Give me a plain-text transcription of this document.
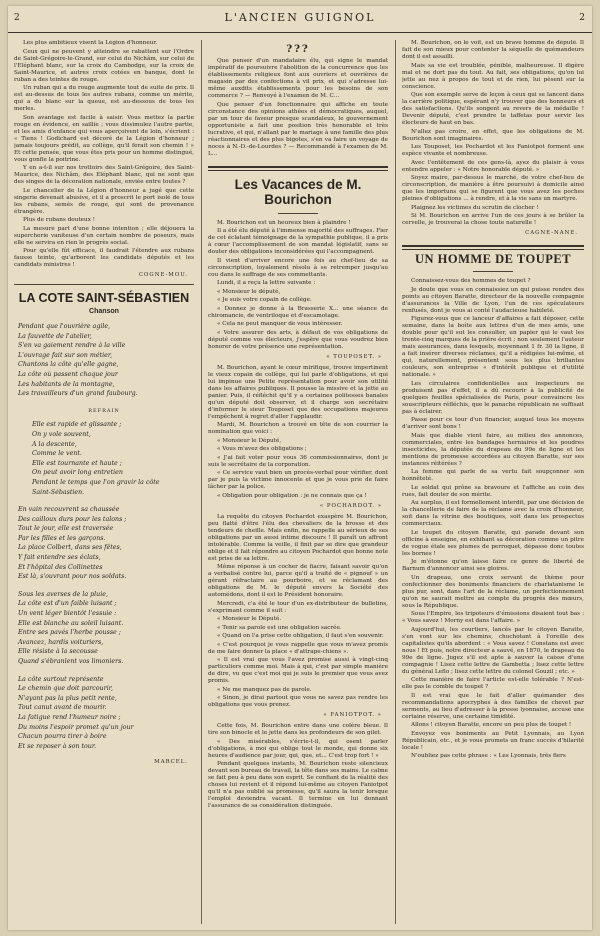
2	L'ANCIEN GUIGNOL	2

Les plus ambitieux visent la Légion d'honneur.

Ceux qui ne peuvent y atteindre se rabattent sur l'Ordre de Saint-Grégoire-le-Grand, sur celui du Nichâm, sur celui de l'Eléphant blanc, sur la croix du Cambodge, sur la croix de Saint-Maurice, et autres croix cotées en banque, dont le ruban a des teintes de rouge.

Un ruban qui a du rouge augmente tout de suite de prix. Il est au-dessus de tous les autres rubans, comme un mérite, qui a du blanc sur la queue, est au-dessous de tous les merles.

Son avantage est facile à saisir. Vous mettez la partie rouge en évidence, en saillie ; vous dissimulez l'autre partie, et les amis d'enfance qui vous aperçoivent de loin, s'écrient : « Tiens ! Godichard est décoré de la Légion d'honneur ; jamais toujours prédit, au collège, qu'il ferait son chemin ! » Et cette pensée, que vous êtes pris pour un homme distingué, vous gonfle la poitrine.

Y en a-t-il sur nos trottoirs des Saint-Grégoire, des Saint-Maurice, des Nichâm, des Eléphant blanc, qui ne sont que des singes de la décoration nationale, enviée entre toutes ?

Le chancelier de la Légion d'honneur a jugé que cette singerie devenait abusive, et il a proscrit le port isolé de tous les rubans, semés de rouge, qui sont de provenance étrangère.

Plus de rubans douteux !

La mesure part d'une bonne intention ; elle déjouera la supercherie vaniteuse d'un certain nombre de poseurs, mais elle ne servira en rien le progrès social.

Pour qu'elle fût efficace, il faudrait l'étendre aux rubans fausse teinte, qu'arborent les candidats députés et les candidats ministres !

COGNE-MOU.
LA COTE SAINT-SÉBASTIEN
Chanson
Pendant que l'ouvrière agile,
La fauvette de l'atelier,
S'en va gaiement rendre à la ville
L'ouvrage fait sur son métier,
Chantons la côte qu'elle gagne,
La côte où passent chaque jour
Les habitants de la montagne,
Les travailleurs d'un grand faubourg.
REFRAIN
Elle est rapide et glissante ;
On y vole souvent,
A la descente,
Comme le vent.
Elle est tournante et haute ;
On peut avoir long entretien
Pendant le temps que l'on gravir la côte
Saint-Sébastien.
En vain recouvrent sa chaussée
Des cailloux durs pour les talons ;
Tout le jour, elle est traversée
Par les filles et les garçons.
La place Colbert, dans ses fêtes,
Y fait entendre ses éclats,
Et l'hôpital des Collinettes
Est là, s'ouvrant pour nos soldats.
Sous les averses de la pluie,
La côte est d'un faible luisant ;
Un vent léger bientôt l'essuie :
Elle est blanche au soleil luisant.
Entre ses pavés l'herbe pousse ;
Avancez, hardis voituriers,
Elle résiste à la secousse
Quand s'ébranlent vos limoniers.
La côte surtout représente
Le chemin que doit parcourir,
N'ayant pas la plus petit rente,
Tout canut avant de mourir.
La fatigue rend l'humeur noire ;
Du moins l'espoir promet qu'un jour
Chacun pourra tirer à boire
Et se reposer à son tour.
MARCEL.
???

Que penser d'un mandataire élu, qui signe le mandat impératif de poursuivre l'abolition de la concurrence que les établissements religieux font aux ouvriers et ouvrières de magasin par des confections à vil prix, et qui s'adresse lui-même auxdits établissements pour les besoins de son commerce ? — Renvoyé à l'examen de M. C...

Que penser d'un fonctionnaire qui affiche en toute circonstance des opinions athées et démocratiques, auquel, par un tour de faveur presque scandaleux, le gouvernement opportuniste a fait une position très honorable et très lucrative, et qui, n'allant par le mariage à une famille des plus réactionnaires et des plus bigotes, s'en va faire un voyage de noces à N.-D.-de-Lourdes ? — Recommandé à l'examen de M. L...

Les Vacances de M. Bourichon

M. Bourichon est un heureux bien à plaindre !

Il a été élu député à l'immense majorité des suffrages. Fier de cet éclatant témoignage de la sympathie publique, il a pris à cœur l'accomplissement de son mandat législatif, sans se douter des obligations inconsidérées qui l'accompagnent.

Il vient d'arriver encore une fois au chef-lieu de sa circonscription, loyalement résolu à se retremper jusqu'au cou dans le suffrage de ses commettants.

Lundi, il a reçu la lettre suivante :

« Monsieur le député,

« Je suis votre copain de collège.

« Donnez je donne à la Brasserie X... une séance de chiromancie, de ventriloque et d'escamotage.

« Cela ne peut manquer de vous intéresser.

« Votre assurer des arts, à défaut de vos obligations de député comme vos électeurs, j'espère que vous voudrez bien honorer de votre présence une représentation.

« TOUPOSET. »

M. Bourichon, ayant le cœur mirifique, trouve impertinent le vieux copain de collège, qui lui parle d'obligations, et qui lui impinue une Petite représentation pour avoir son utilité dans les affaires publiques. Il pousse la missive et la jette au panier. Puis, il réfléchit qu'il y a certaines politesses banales qu'un député doit observer, et il charge son secrétaire d'informer le sieur Touposet que des occupations majeures l'empêchent à regret d'aller l'applaudir.

Mardi, M. Bourichon a trouvé en tête de son courrier la nomination que voici :

« Monsieur le Député,

« Vous m'avez des obligations ;

« J'ai fait voter pour vous 36 commissionnaires, dont je suis le secrétaire de la corporation.

« Ce service vaut bien un procès-verbal pour vérifier, dont par je puis la victime innocente et que je vous prie de faire lâcher par la police.

« Obligation pour obligation : je ne connais que ça !

« POCHARDOT. »

La requête du citoyen Pochardot exaspère M. Bourichon, peu flatté d'être l'élu des chevaliers de la brosse et des tendeurs de cheille. Mais enfin, ne rappelle au sérieux de ses obligations par un aussi intime discours ! Il paraît un affront intolérable. Comme la veille, il finit par se dire que grandeur oblige et il fait répondre au citoyen Pochardot que bonne note est prise de sa lettre.

Même réponse à un cocher de fiacre, faisant savoir qu'on a verbalisé contre lui, parce qu'il a traité de « pignouf » un gérant réfractaire au pourboire, et se réclamant des obligations de M. le député envers la Société des automédons, dont il est le Président honoraire.

Mercredi, c'a été le tour d'un ex-distributeur de bulletins, s'exprimant comme il suit :

« Monsieur le Député.

« Tenir sa parole est une obligation sacrée.

« Quand on l'a prise cette obligation, il faut s'en souvenir.

« C'est pourquoi je vous rappelle que vous m'avez promis de me faire donner la place « d'attrape-chiens ».

« Il est vrai que vous l'avez promise aussi à vingt-cinq particuliers comme moi. Mais à qui, c'est par simple manière de dire, vu que c'est moi qui je suis le premier que vous avez promis.

« Ne me manquez pas de parole.

« Sinon, je dirai partout que vous ne savez pas rendre les obligations que vous prenez.

« FANIOTPOT. »

Cette fois, M. Bourichon entre dans une colère bleue. Il tire son binocle et le jette dans les profondeurs de son gilet.

« Des misérables, s'écrie-t-il, qui osent parler d'obligations, à moi qui oblige tout le monde, qui donne six heures d'audience par jour, qui, que, et... C'est trop fort ! »

Pendant quelques instants, M. Bourichon reste silencieux devant son bureau de travail, la tête dans ses mains. Le calme se fait peu à peu dans son esprit. Se confiant de la réalité des choses lui revient et il répond lui-même au citoyen Faniotpot qu'il n'a pas oublié sa promesse, qu'il saura la tenir lorsque l'emploi deviendra vacant. Il termine en lui donnant l'assurance de sa considération distinguée.

M. Bourichon, on le voit, est un brave homme de député. Il fait de son mieux pour contenter la séquelle de quémandeurs dont il est assailli.

Mais sa vie est troublée, pénible, malheureuse. Il digère mal et ne dort pas du tout. Au fait, ses obligations, qu'on lui jette au nez à propos de tout et de rien, lui pèsent sur la conscience.

Que son exemple serve de leçon à ceux qui se lancent dans la carrière politique, espérant n'y trouver que des honneurs et des satisfactions. Qu'ils songent au revers de la médaille ! Devenir député, c'est prendre le taffetas pour servir les électeurs de haut en bas.

N'allez pas croire, en effet, que les obligations de M. Bourichon sont imaginaires.

Les Touposet, les Pochardot et les Faniotpot forment une espèce vivante et nombreuse.

Avec l'entêtement de ces gens-là, ayez du plaisir à vous entendre appeler : « Notre honorable député. »

Soyez maire, par-dessus le marché, de votre chef-lieu de circonscription, de manière à être poursuivi à domicile ainsi que les importuns qui se figurent que vous avez les poches pleines d'obligations ... à rendre, et à la vie sans un martyre.

Plaignez les victimes du scrutin de clocher !

Si M. Bourichon en arrive l'un de ces jours à se brûler la cervelle, je trouverai la chose toute naturelle !

CAGNE-NANE.
UN HOMME DE TOUPET

Connaissez-vous des hommes de toupet ?

Je doute que vous en connaissiez un qui puisse rendre des points au citoyen Baratte, directeur de la nouvelle compagnie d'assurances la Ville de Lyon, l'un de ces spéculateurs renfusés, dont je vous ai conté l'audacieuse habileté.

Figurez-vous que ce lanceur d'affaires a fait déposer, cette semaine, dans la boîte aux lettres d'un de mes amis, une double pour qu'il sut les consulter, un papier qui le vaut les trente-cinq marques de la prière écrit ; non seulement l'auteur mais assurances, dans lesquels, moyennant 1 fr. 30 la ligne, il a fait insérer diverses réclames, qu'il a rédigées lui-même, et qui, naturellement, présentent sous les plus brillantes couleurs, son entreprise « d'intérêt publique et d'utilité nationale. »

Les circulaires confidentielles aux inspecteurs ne produisent pas d'effet, il a dû recourir à la publicité de quelques feuilles spécialisées de Paris, pour convaincre les souscripteurs réfléchis, que le panache républicain ne suffisait pas à éclairer.

Passe pour ce tour d'un financier, auquel tous les moyens d'arriver sont bons !

Mais que diable vient faire, au milieu des annonces, commerciales, entre les bandages herniaires et les poudres insecticides, la députée du drapeau du 99e de ligne et les mentions de promesse accordées au citoyen Baratte, sur ses instances réitérées ?

La femme qui parle de sa vertu fait soupçonner son honnêteté.

Le soldat qui prône sa bravoure et l'affiche au coin des rues, fait douter de son mérite.

Au surplus, il est formellement interdit, par une décision de la chancellerie de faire de la réclame avec la croix d'honneur, soit dans la vitrine des boutiques, soit dans les prospectus commerciaux.

Le toupet du citoyen Baratte, qui parade devant son officine à enseigne, en exhibant sa décoration comme un pitre de vogue étale ses plumes de perroquet, dépasse donc toutes les bornes !

Je m'étonne qu'on laisse faire ce genre de liberté de Barnum d'annoncer ainsi ses gloires.

Un drapeau, une croix servant de thème pour confectionner des boniments financiers de charlatanisme le plus pur, sont, dans l'art de la réclame, un perfectionnement qu'on ne saurait mettre au compte du progrès des mœurs, sous la République.

Sous l'Empire, les tripoteurs d'émissions disaient tout bas : « Vous savez ! Morny est dans l'affaire. »

Aujourd'hui, les courtiers, lancés par le citoyen Baratte, s'en vont sur les chemins, chuchotant à l'oreille des capitalistes qu'ils abordent : « Vous savez ! Constans est avec nous ! Et puis, notre directeur a sauvé, en 1870, le drapeau du 99e de ligne. Jugez s'il est apte à sauver la caisse d'une compagnie ! Lisez cette lettre de Gambetta ; lisez cette lettre du général Leflo ; lisez cette lettre du colonel Gouzil ; etc. »

Cette manière de faire l'article est-elle tolérable ? N'est-elle pas le comble du toupet ?

Il est vrai que le fait d'aller quémander des recommandations apocryphes à des familles de chevet par serments, au lieu d'adresser à la presse lyonnaise, accuse une certaine réserve, une certaine timidité.

Allons ! citoyen Baratte, encore un peu plus de toupet !

Envoyez vos boniments au Petit Lyonnais, au Lyon Républicain, etc., et je vous promets un franc succès d'hilarité locale !

N'oubliez pas cette phrase : « Les Lyonnais, très fiers
